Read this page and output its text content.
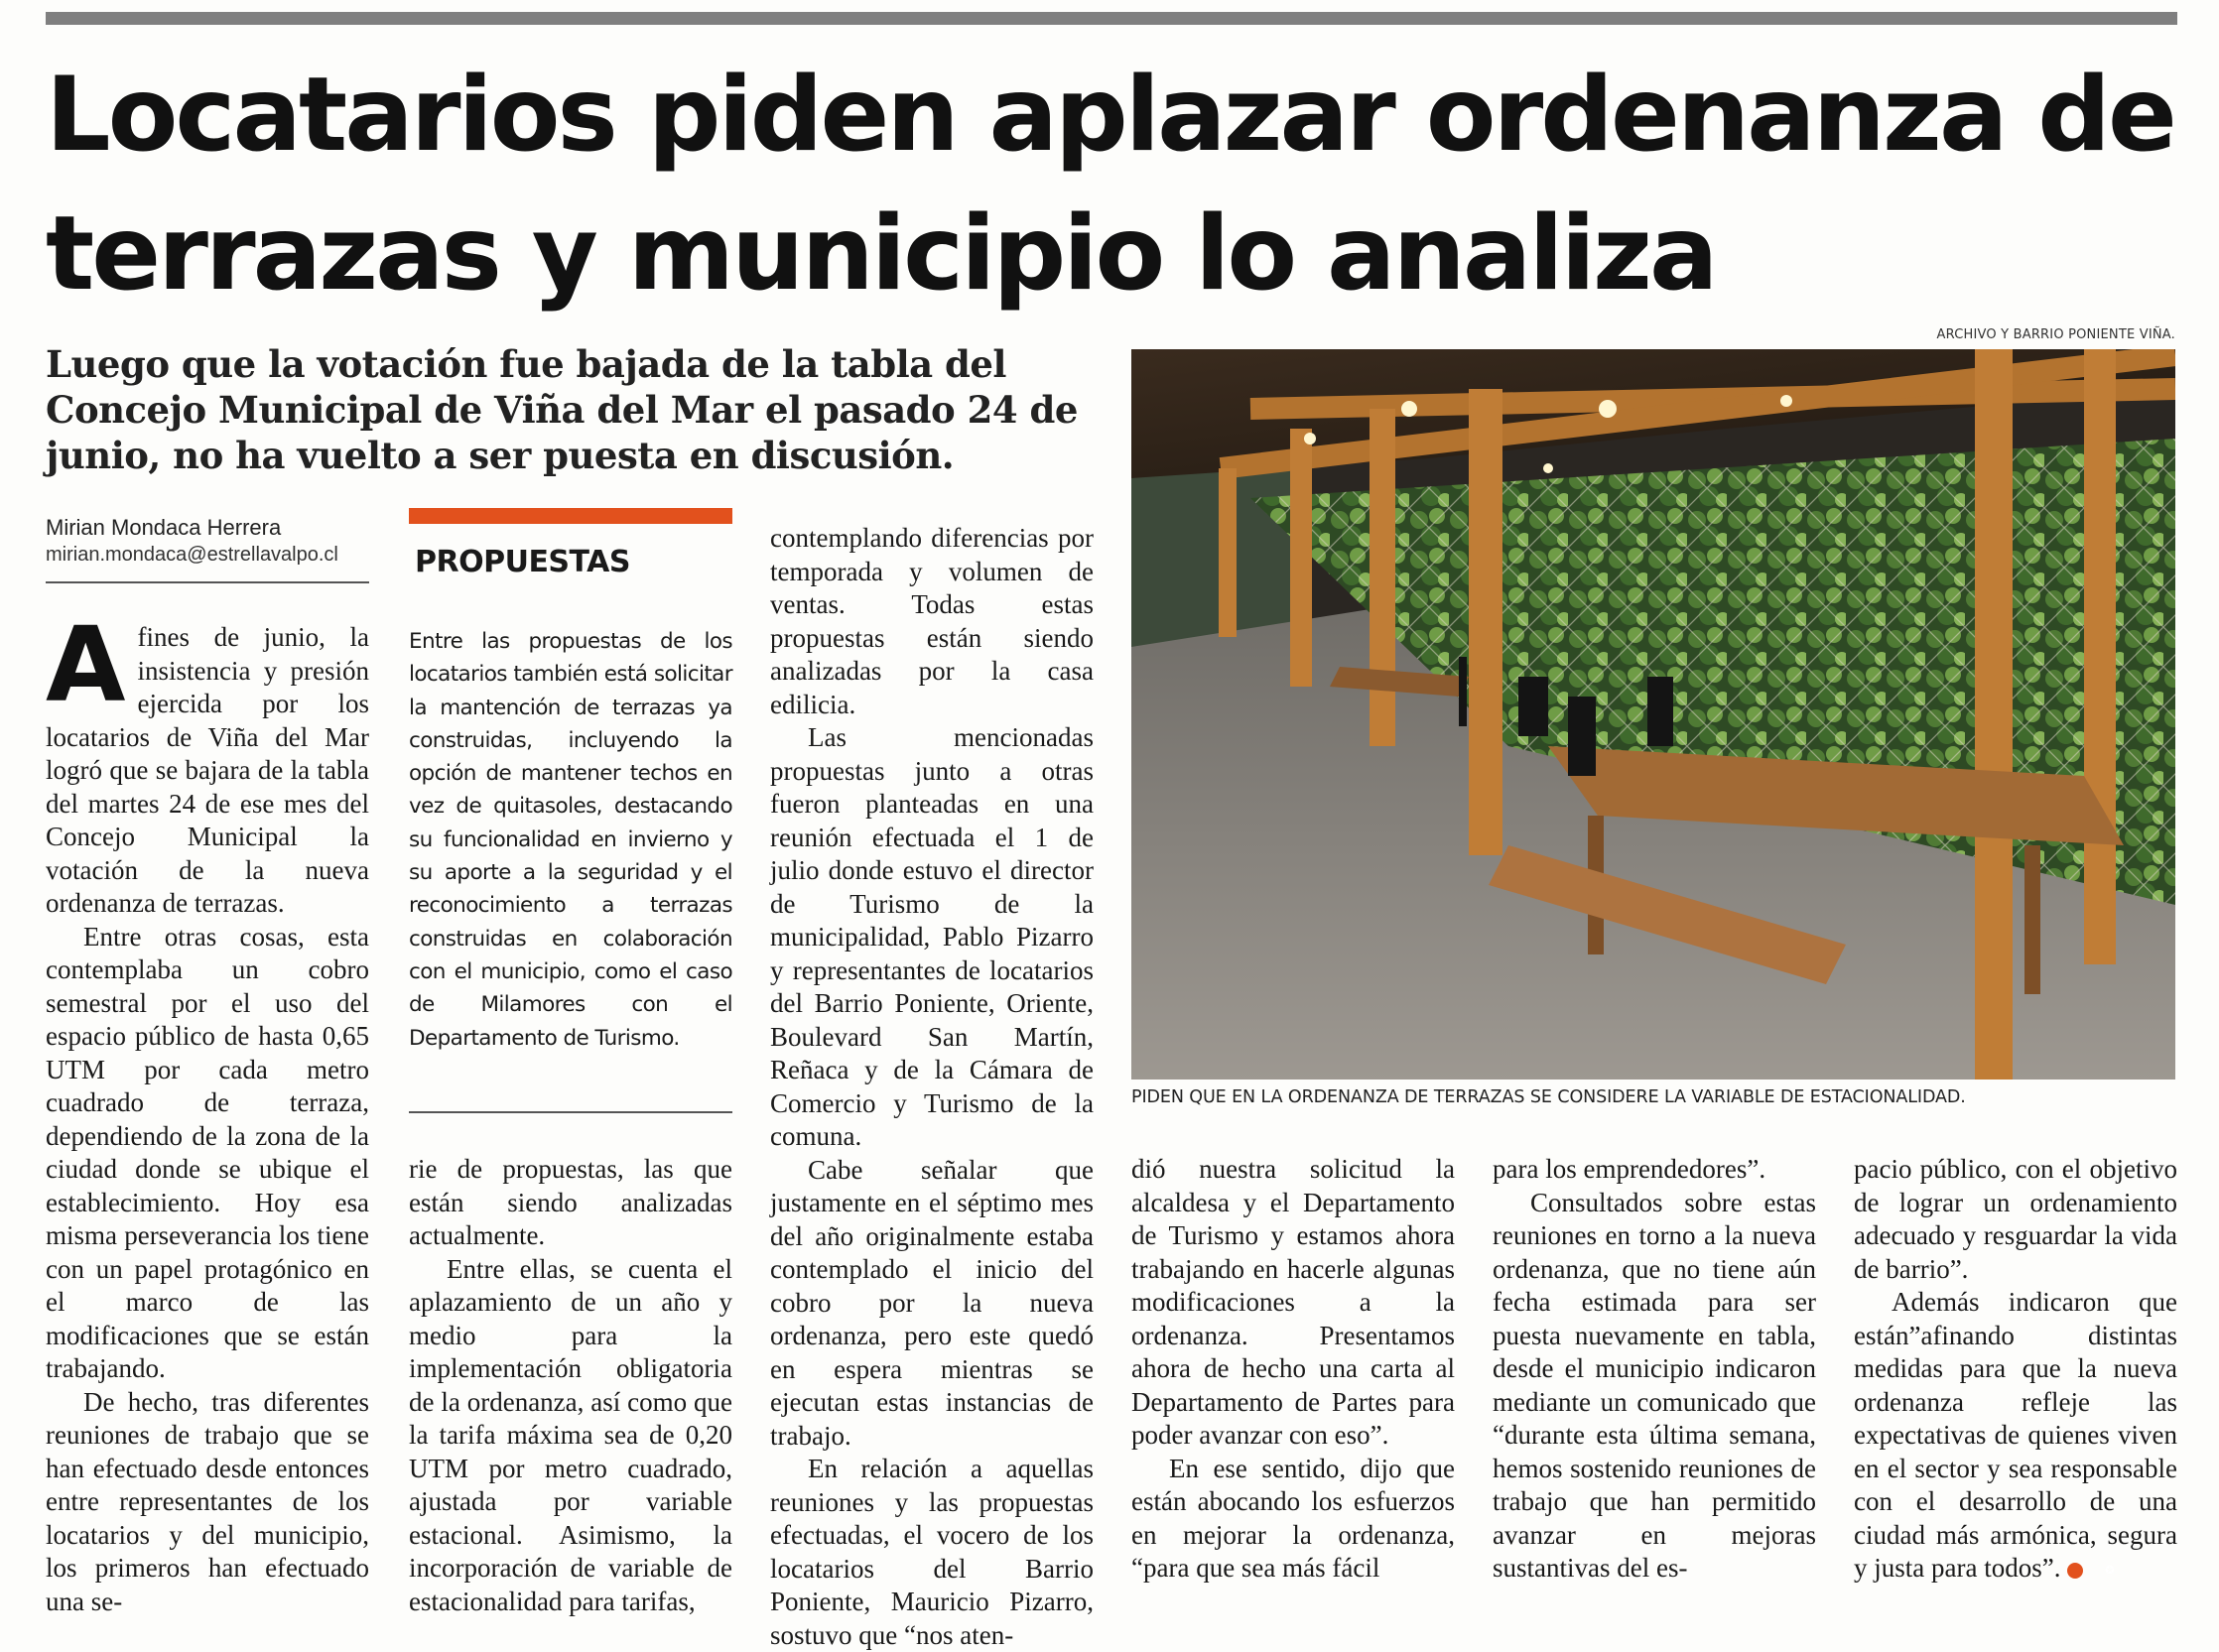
Locatarios piden aplazar ordenanza de terrazas y municipio lo analiza

Luego que la votación fue bajada de la tabla del Concejo Municipal de Viña del Mar el pasado 24 de junio, no ha vuelto a ser puesta en discusión.

Mirian Mondaca Herrera
mirian.mondaca@estrellavalpo.cl

Afines de junio, la insistencia y presión ejercida por los locatarios de Viña del Mar logró que se bajara de la tabla del martes 24 de ese mes del Concejo Municipal la votación de la nueva ordenanza de terrazas.

Entre otras cosas, esta contemplaba un cobro semestral por el uso del espacio público de hasta 0,65 UTM por cada metro cuadrado de terraza, dependiendo de la zona de la ciudad donde se ubique el establecimiento. Hoy esa misma perseverancia los tiene con un papel protagónico en el marco de las modificaciones que se están trabajando.

De hecho, tras diferentes reuniones de trabajo que se han efectuado desde entonces entre representantes de los locatarios y del municipio, los primeros han efectuado una se-

PROPUESTAS
Entre las propuestas de los locatarios también está solicitar la mantención de terrazas ya construidas, incluyendo la opción de mantener techos en vez de quitasoles, destacando su funcionalidad en invierno y su aporte a la seguridad y el reconocimiento a terrazas construidas en colaboración con el municipio, como el caso de Milamores con el Departamento de Turismo.

rie de propuestas, las que están siendo analizadas actualmente.

Entre ellas, se cuenta el aplazamiento de un año y medio para la implementación obligatoria de la ordenanza, así como que la tarifa máxima sea de 0,20 UTM por metro cuadrado, ajustada por variable estacional. Asimismo, la incorporación de variable de estacionalidad para tarifas,

contemplando diferencias por temporada y volumen de ventas. Todas estas propuestas están siendo analizadas por la casa edilicia.

Las mencionadas propuestas junto a otras fueron planteadas en una reunión efectuada el 1 de julio donde estuvo el director de Turismo de la municipalidad, Pablo Pizarro y representantes de locatarios del Barrio Poniente, Oriente, Boulevard San Martín, Reñaca y de la Cámara de Comercio y Turismo de la comuna.

Cabe señalar que justamente en el séptimo mes del año originalmente estaba contemplado el inicio del cobro por la nueva ordenanza, pero este quedó en espera mientras se ejecutan estas instancias de trabajo.

En relación a aquellas reuniones y las propuestas efectuadas, el vocero de los locatarios del Barrio Poniente, Mauricio Pizarro, sostuvo que “nos aten-

ARCHIVO Y BARRIO PONIENTE VIÑA.
PIDEN QUE EN LA ORDENANZA DE TERRAZAS SE CONSIDERE LA VARIABLE DE ESTACIONALIDAD.

dió nuestra solicitud la alcaldesa y el Departamento de Turismo y estamos ahora trabajando en hacerle algunas modificaciones a la ordenanza. Presentamos ahora de hecho una carta al Departamento de Partes para poder avanzar con eso”.

En ese sentido, dijo que están abocando los esfuerzos en mejorar la ordenanza, “para que sea más fácil

para los emprendedores”.

Consultados sobre estas reuniones en torno a la nueva ordenanza, que no tiene aún fecha estimada para ser puesta nuevamente en tabla, desde el municipio indicaron mediante un comunicado que “durante esta última semana, hemos sostenido reuniones de trabajo que han permitido avanzar en mejoras sustantivas del es-

pacio público, con el objetivo de lograr un ordenamiento adecuado y resguardar la vida de barrio”.

Además indicaron que están”afinando distintas medidas para que la nueva ordenanza refleje las expectativas de quienes viven en el sector y sea responsable con el desarrollo de una ciudad más armónica, segura y justa para todos”.	✪
